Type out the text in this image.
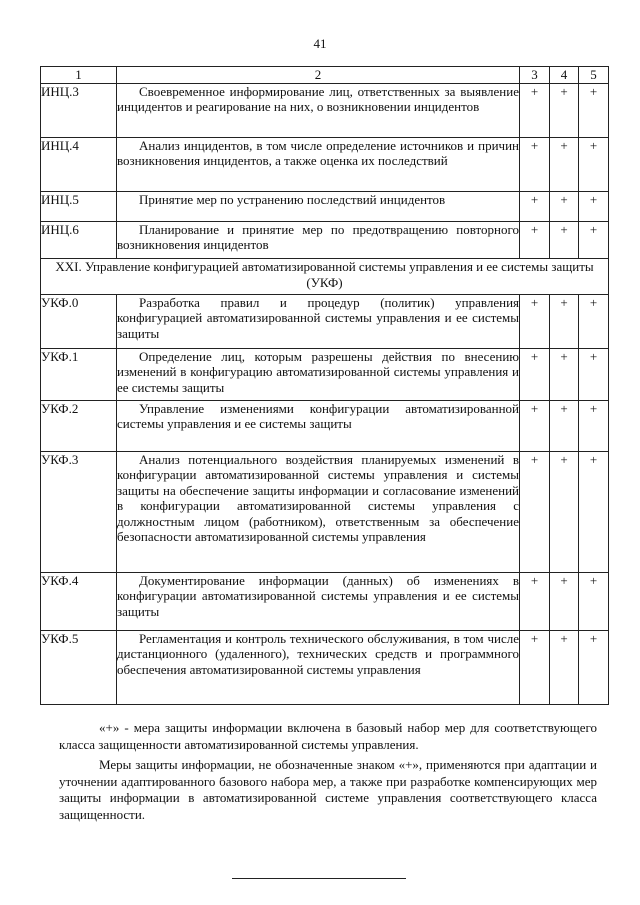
41
1	2	3	4	5
ИНЦ.3	Своевременное информирование лиц, ответственных за выявление инцидентов и реагирование на них, о возникновении инцидентов	+	+	+
ИНЦ.4	Анализ инцидентов, в том числе определение источников и причин возникновения инцидентов, а также оценка их последствий	+	+	+
ИНЦ.5	Принятие мер по устранению последствий инцидентов	+	+	+
ИНЦ.6	Планирование и принятие мер по предотвращению повторного возникновения инцидентов	+	+	+
XXI. Управление конфигурацией автоматизированной системы управления и ее системы защиты (УКФ)				
УКФ.0	Разработка правил и процедур (политик) управления конфигурацией автоматизированной системы управления и ее системы защиты	+	+	+
УКФ.1	Определение лиц, которым разрешены действия по внесению изменений в конфигурацию автоматизированной системы управления и ее системы защиты	+	+	+
УКФ.2	Управление изменениями конфигурации автоматизированной системы управления и ее системы защиты	+	+	+
УКФ.3	Анализ потенциального воздействия планируемых изменений в конфигурации автоматизированной системы управления и системы защиты на обеспечение защиты информации и согласование изменений в конфигурации автоматизированной системы управления с должностным лицом (работником), ответственным за обеспечение безопасности автоматизированной системы управления	+	+	+
УКФ.4	Документирование информации (данных) об изменениях в конфигурации автоматизированной системы управления и ее системы защиты	+	+	+
УКФ.5	Регламентация и контроль технического обслуживания, в том числе дистанционного (удаленного), технических средств и программного обеспечения автоматизированной системы управления	+	+	+

«+» - мера защиты информации включена в базовый набор мер для соответствующего класса защищенности автоматизированной системы управления.

Меры защиты информации, не обозначенные знаком «+», применяются при адаптации и уточнении адаптированного базового набора мер, а также при разработке компенсирующих мер защиты информации в автоматизированной системе управления соответствующего класса защищенности.
